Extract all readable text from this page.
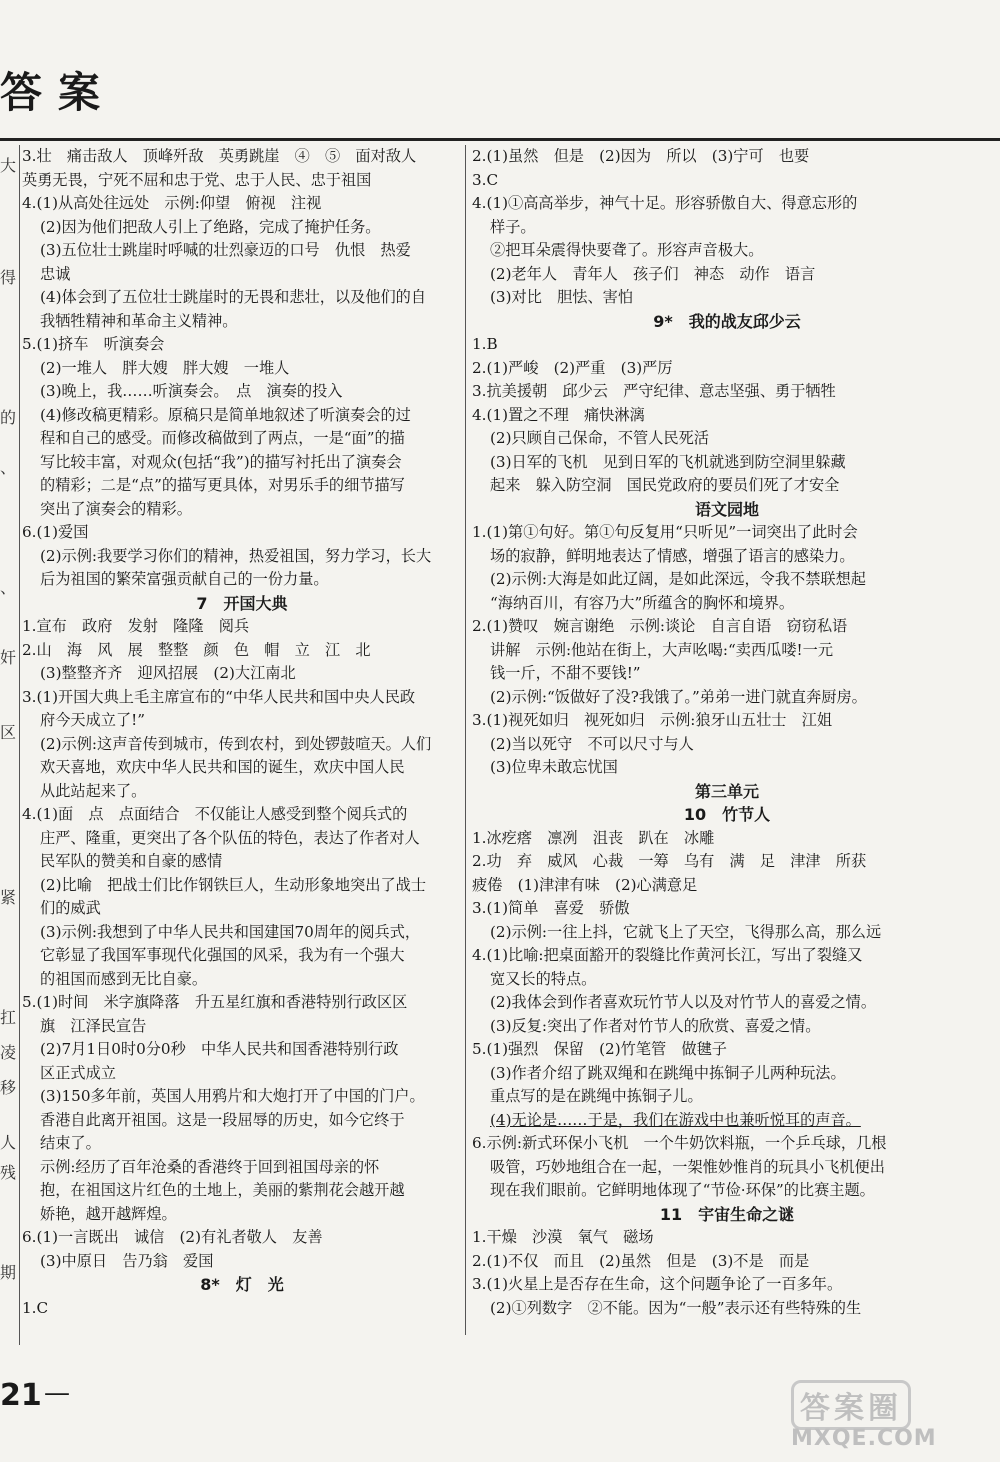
答案
大
得
的
、
、
奸
区
紧
扛
凌
移
人
残
期
3.壮　痛击敌人　顶峰歼敌　英勇跳崖　④　⑤　面对敌人
英勇无畏，宁死不屈和忠于党、忠于人民、忠于祖国
4.(1)从高处往远处　示例:仰望　俯视　注视
(2)因为他们把敌人引上了绝路，完成了掩护任务。
(3)五位壮士跳崖时呼喊的壮烈豪迈的口号　仇恨　热爱
忠诚
(4)体会到了五位壮士跳崖时的无畏和悲壮，以及他们的自
我牺牲精神和革命主义精神。
5.(1)挤车　听演奏会
(2)一堆人　胖大嫂　胖大嫂　一堆人
(3)晚上，我……听演奏会。　点　演奏的投入
(4)修改稿更精彩。原稿只是简单地叙述了听演奏会的过
程和自己的感受。而修改稿做到了两点，一是“面”的描
写比较丰富，对观众(包括“我”)的描写衬托出了演奏会
的精彩；二是“点”的描写更具体，对男乐手的细节描写
突出了演奏会的精彩。
6.(1)爱国
(2)示例:我要学习你们的精神，热爱祖国，努力学习，长大
后为祖国的繁荣富强贡献自己的一份力量。
7　开国大典
1.宣布　政府　发射　隆隆　阅兵
2.山　海　风　展　整整　颜　色　帽　立　江　北
(3)整整齐齐　迎风招展　(2)大江南北
3.(1)开国大典上毛主席宣布的“中华人民共和国中央人民政
府今天成立了!”
(2)示例:这声音传到城市，传到农村，到处锣鼓喧天。人们
欢天喜地，欢庆中华人民共和国的诞生，欢庆中国人民
从此站起来了。
4.(1)面　点　点面结合　不仅能让人感受到整个阅兵式的
庄严、隆重，更突出了各个队伍的特色，表达了作者对人
民军队的赞美和自豪的感情
(2)比喻　把战士们比作钢铁巨人，生动形象地突出了战士
们的威武
(3)示例:我想到了中华人民共和国建国70周年的阅兵式，
它彰显了我国军事现代化强国的风采，我为有一个强大
的祖国而感到无比自豪。
5.(1)时间　米字旗降落　升五星红旗和香港特别行政区区
旗　江泽民宣告
(2)7月1日0时0分0秒　中华人民共和国香港特别行政
区正式成立
(3)150多年前，英国人用鸦片和大炮打开了中国的门户。
香港自此离开祖国。这是一段屈辱的历史，如今它终于
结束了。
示例:经历了百年沧桑的香港终于回到祖国母亲的怀
抱，在祖国这片红色的土地上，美丽的紫荆花会越开越
娇艳，越开越辉煌。
6.(1)一言既出　诚信　(2)有礼者敬人　友善
(3)中原日　告乃翁　爱国
8*　灯　光
1.C
2.(1)虽然　但是　(2)因为　所以　(3)宁可　也要
3.C
4.(1)①高高举步，神气十足。形容骄傲自大、得意忘形的
样子。
②把耳朵震得快要聋了。形容声音极大。
(2)老年人　青年人　孩子们　神态　动作　语言
(3)对比　胆怯、害怕
9*　我的战友邱少云
1.B
2.(1)严峻　(2)严重　(3)严厉
3.抗美援朝　邱少云　严守纪律、意志坚强、勇于牺牲
4.(1)置之不理　痛快淋漓
(2)只顾自己保命，不管人民死活
(3)日军的飞机　见到日军的飞机就逃到防空洞里躲藏
起来　躲入防空洞　国民党政府的要员们死了才安全
语文园地
1.(1)第①句好。第①句反复用“只听见”一词突出了此时会
场的寂静，鲜明地表达了情感，增强了语言的感染力。
(2)示例:大海是如此辽阔，是如此深远，令我不禁联想起
“海纳百川，有容乃大”所蕴含的胸怀和境界。
2.(1)赞叹　婉言谢绝　示例:谈论　自言自语　窃窃私语
讲解　示例:他站在街上，大声吆喝:“卖西瓜喽!一元
钱一斤，不甜不要钱!”
(2)示例:“饭做好了没?我饿了。”弟弟一进门就直奔厨房。
3.(1)视死如归　视死如归　示例:狼牙山五壮士　江姐
(2)当以死守　不可以尺寸与人
(3)位卑未敢忘忧国
第三单元
10　竹节人
1.冰疙瘩　凛冽　沮丧　趴在　冰雕
2.功　弃　威风　心裁　一筹　乌有　满　足　津津　所获
疲倦　(1)津津有味　(2)心满意足
3.(1)简单　喜爱　骄傲
(2)示例:一往上抖，它就飞上了天空，飞得那么高，那么远
4.(1)比喻:把桌面豁开的裂缝比作黄河长江，写出了裂缝又
宽又长的特点。
(2)我体会到作者喜欢玩竹节人以及对竹节人的喜爱之情。
(3)反复:突出了作者对竹节人的欣赏、喜爱之情。
5.(1)强烈　保留　(2)竹笔管　做毽子
(3)作者介绍了跳双绳和在跳绳中拣铜子儿两种玩法。
重点写的是在跳绳中拣铜子儿。
(4)无论是……于是，我们在游戏中也兼听悦耳的声音。
6.示例:新式环保小飞机　一个牛奶饮料瓶，一个乒乓球，几根
吸管，巧妙地组合在一起，一架惟妙惟肖的玩具小飞机便出
现在我们眼前。它鲜明地体现了“节俭·环保”的比赛主题。
11　宇宙生命之谜
1.干燥　沙漠　氧气　磁场
2.(1)不仅　而且　(2)虽然　但是　(3)不是　而是
3.(1)火星上是否存在生命，这个问题争论了一百多年。
(2)①列数字　②不能。因为“一般”表示还有些特殊的生
21 —	答案圈
MXQE.COM
